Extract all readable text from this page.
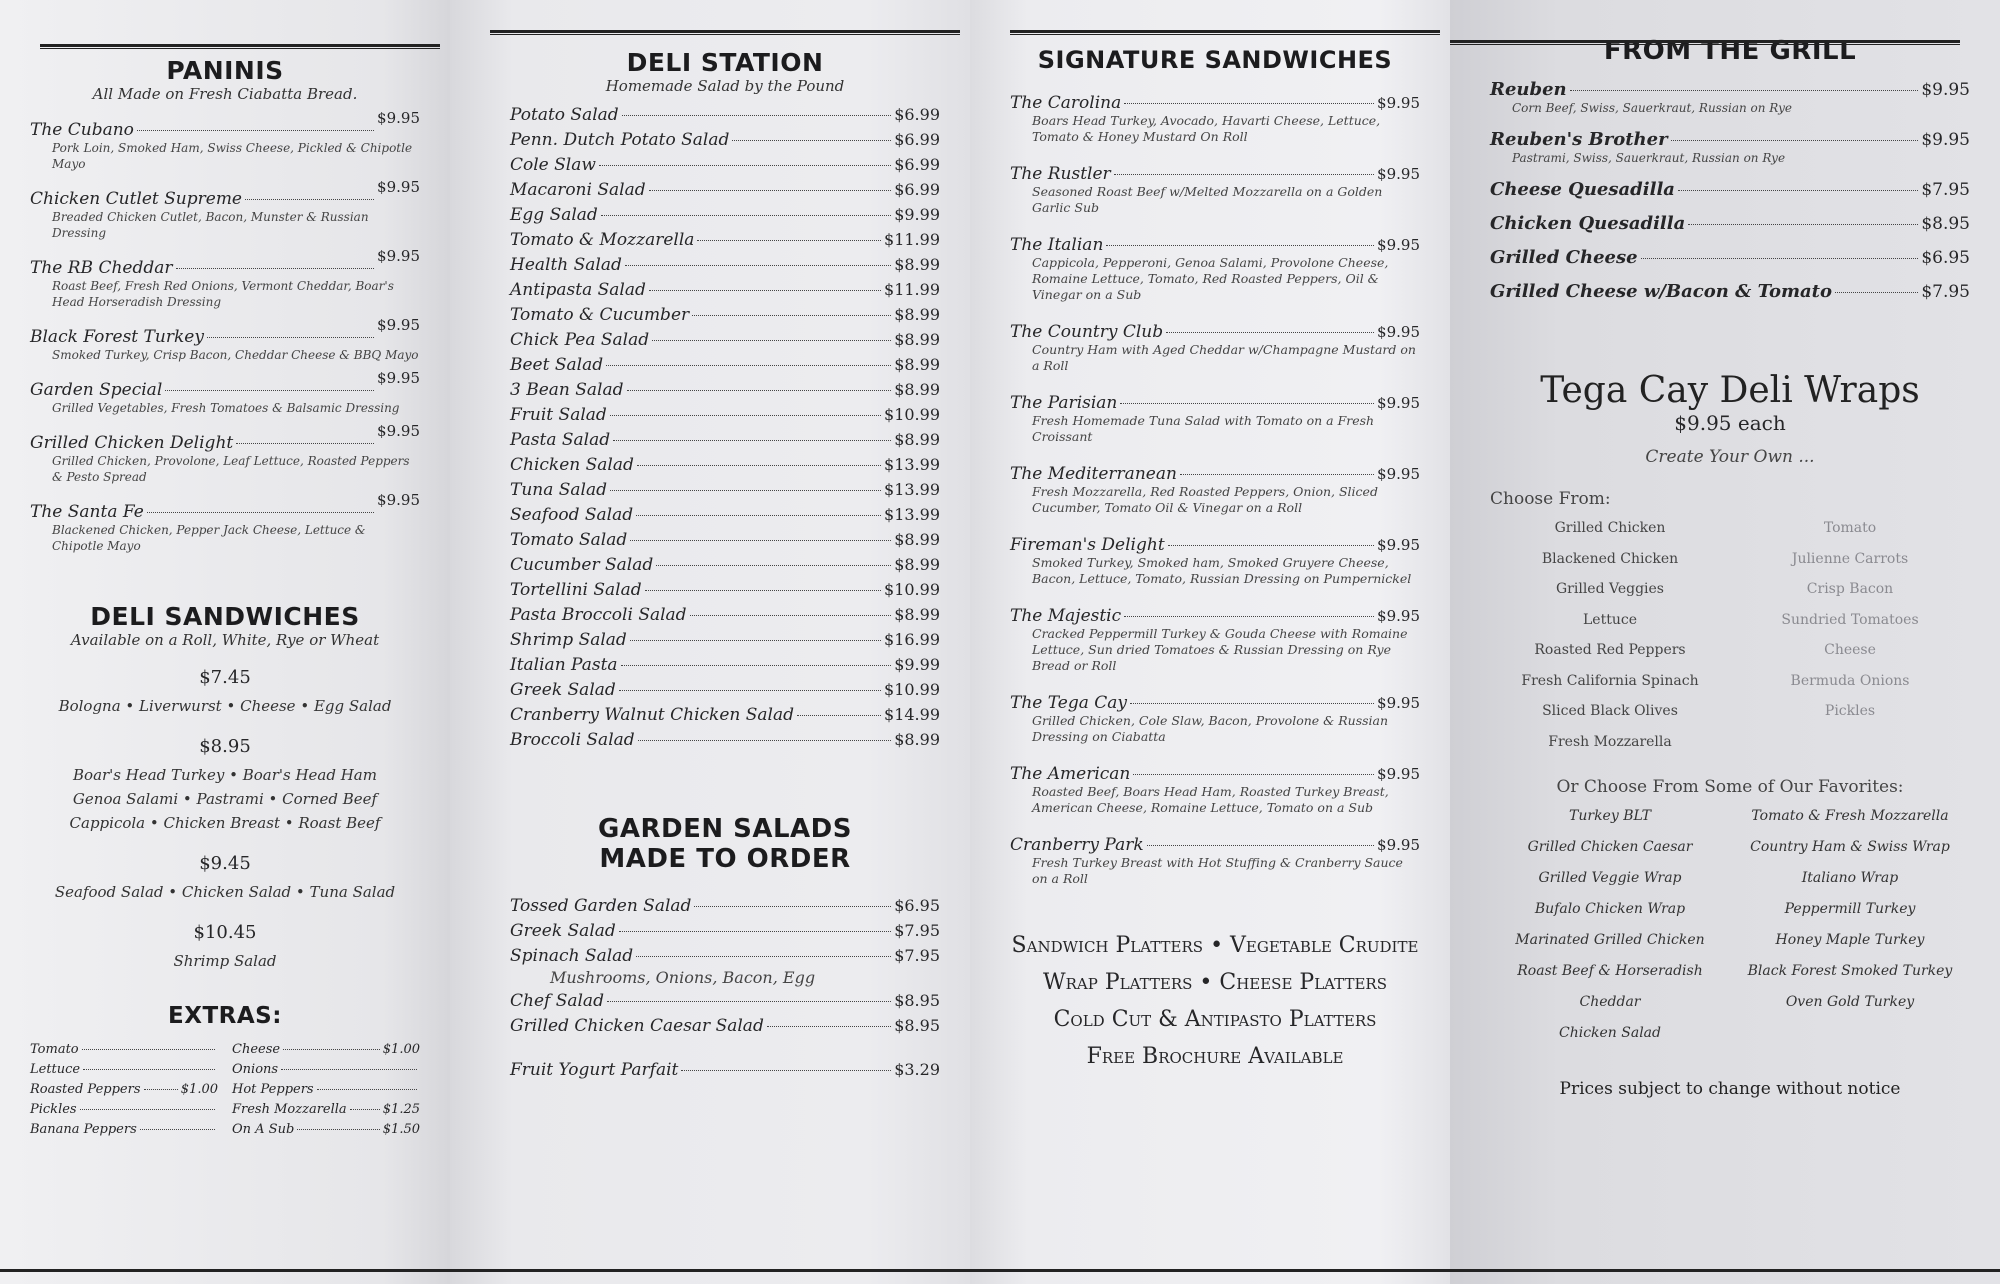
PANINIS
All Made on Fresh Ciabatta Bread.
The Cubano
$9.95
Pork Loin, Smoked Ham, Swiss Cheese, Pickled & Chipotle Mayo
Chicken Cutlet Supreme
$9.95
Breaded Chicken Cutlet, Bacon, Munster & Russian Dressing
The RB Cheddar
$9.95
Roast Beef, Fresh Red Onions, Vermont Cheddar, Boar's Head Horseradish Dressing
Black Forest Turkey
$9.95
Smoked Turkey, Crisp Bacon, Cheddar Cheese & BBQ Mayo
Garden Special
$9.95
Grilled Vegetables, Fresh Tomatoes & Balsamic Dressing
Grilled Chicken Delight
$9.95
Grilled Chicken, Provolone, Leaf Lettuce, Roasted Peppers & Pesto Spread
The Santa Fe
$9.95
Blackened Chicken, Pepper Jack Cheese, Lettuce & Chipotle Mayo
DELI SANDWICHES
Available on a Roll, White, Rye or Wheat
$7.45
Bologna • Liverwurst • Cheese • Egg Salad
$8.95
Boar's Head Turkey • Boar's Head Ham
Genoa Salami • Pastrami • Corned Beef
Cappicola • Chicken Breast • Roast Beef
$9.45
Seafood Salad • Chicken Salad • Tuna Salad
$10.45
Shrimp Salad
EXTRAS:
Tomato
Lettuce
Roasted Peppers	$1.00
Pickles
Banana Peppers
Cheese	$1.00
Onions
Hot Peppers
Fresh Mozzarella	$1.25
On A Sub	$1.50
DELI STATION
Homemade Salad by the Pound
Potato Salad	$6.99
Penn. Dutch Potato Salad	$6.99
Cole Slaw	$6.99
Macaroni Salad	$6.99
Egg Salad	$9.99
Tomato & Mozzarella	$11.99
Health Salad	$8.99
Antipasta Salad	$11.99
Tomato & Cucumber	$8.99
Chick Pea Salad	$8.99
Beet Salad	$8.99
3 Bean Salad	$8.99
Fruit Salad	$10.99
Pasta Salad	$8.99
Chicken Salad	$13.99
Tuna Salad	$13.99
Seafood Salad	$13.99
Tomato Salad	$8.99
Cucumber Salad	$8.99
Tortellini Salad	$10.99
Pasta Broccoli Salad	$8.99
Shrimp Salad	$16.99
Italian Pasta	$9.99
Greek Salad	$10.99
Cranberry Walnut Chicken Salad	$14.99
Broccoli Salad	$8.99
GARDEN SALADS
MADE TO ORDER
Tossed Garden Salad	$6.95
Greek Salad	$7.95
Spinach Salad	$7.95
Mushrooms, Onions, Bacon, Egg
Chef Salad	$8.95
Grilled Chicken Caesar Salad	$8.95
Fruit Yogurt Parfait	$3.29
SIGNATURE SANDWICHES
The Carolina	$9.95
Boars Head Turkey, Avocado, Havarti Cheese, Lettuce, Tomato & Honey Mustard On Roll
The Rustler	$9.95
Seasoned Roast Beef w/Melted Mozzarella on a Golden Garlic Sub
The Italian	$9.95
Cappicola, Pepperoni, Genoa Salami, Provolone Cheese, Romaine Lettuce, Tomato, Red Roasted Peppers, Oil & Vinegar on a Sub
The Country Club	$9.95
Country Ham with Aged Cheddar w/Champagne Mustard on a Roll
The Parisian	$9.95
Fresh Homemade Tuna Salad with Tomato on a Fresh Croissant
The Mediterranean	$9.95
Fresh Mozzarella, Red Roasted Peppers, Onion, Sliced Cucumber, Tomato Oil & Vinegar on a Roll
Fireman's Delight	$9.95
Smoked Turkey, Smoked ham, Smoked Gruyere Cheese, Bacon, Lettuce, Tomato, Russian Dressing on Pumpernickel
The Majestic	$9.95
Cracked Peppermill Turkey & Gouda Cheese with Romaine Lettuce, Sun dried Tomatoes & Russian Dressing on Rye Bread or Roll
The Tega Cay	$9.95
Grilled Chicken, Cole Slaw, Bacon, Provolone & Russian Dressing on Ciabatta
The American	$9.95
Roasted Beef, Boars Head Ham, Roasted Turkey Breast, American Cheese, Romaine Lettuce, Tomato on a Sub
Cranberry Park	$9.95
Fresh Turkey Breast with Hot Stuffing & Cranberry Sauce on a Roll
Sandwich Platters • Vegetable Crudite
Wrap Platters • Cheese Platters
Cold Cut & Antipasto Platters
Free Brochure Available
FROM THE GRILL
Reuben	$9.95
Corn Beef, Swiss, Sauerkraut, Russian on Rye
Reuben's Brother	$9.95
Pastrami, Swiss, Sauerkraut, Russian on Rye
Cheese Quesadilla	$7.95
Chicken Quesadilla	$8.95
Grilled Cheese	$6.95
Grilled Cheese w/Bacon & Tomato	$7.95
Tega Cay Deli Wraps
$9.95 each
Create Your Own ...
Choose From:
Grilled Chicken
Blackened Chicken
Grilled Veggies
Lettuce
Roasted Red Peppers
Fresh California Spinach
Sliced Black Olives
Fresh Mozzarella
Tomato
Julienne Carrots
Crisp Bacon
Sundried Tomatoes
Cheese
Bermuda Onions
Pickles
Or Choose From Some of Our Favorites:
Turkey BLT
Grilled Chicken Caesar
Grilled Veggie Wrap
Bufalo Chicken Wrap
Marinated Grilled Chicken
Roast Beef & Horseradish Cheddar
Chicken Salad
Tomato & Fresh Mozzarella
Country Ham & Swiss Wrap
Italiano Wrap
Peppermill Turkey
Honey Maple Turkey
Black Forest Smoked Turkey
Oven Gold Turkey
Prices subject to change without notice
